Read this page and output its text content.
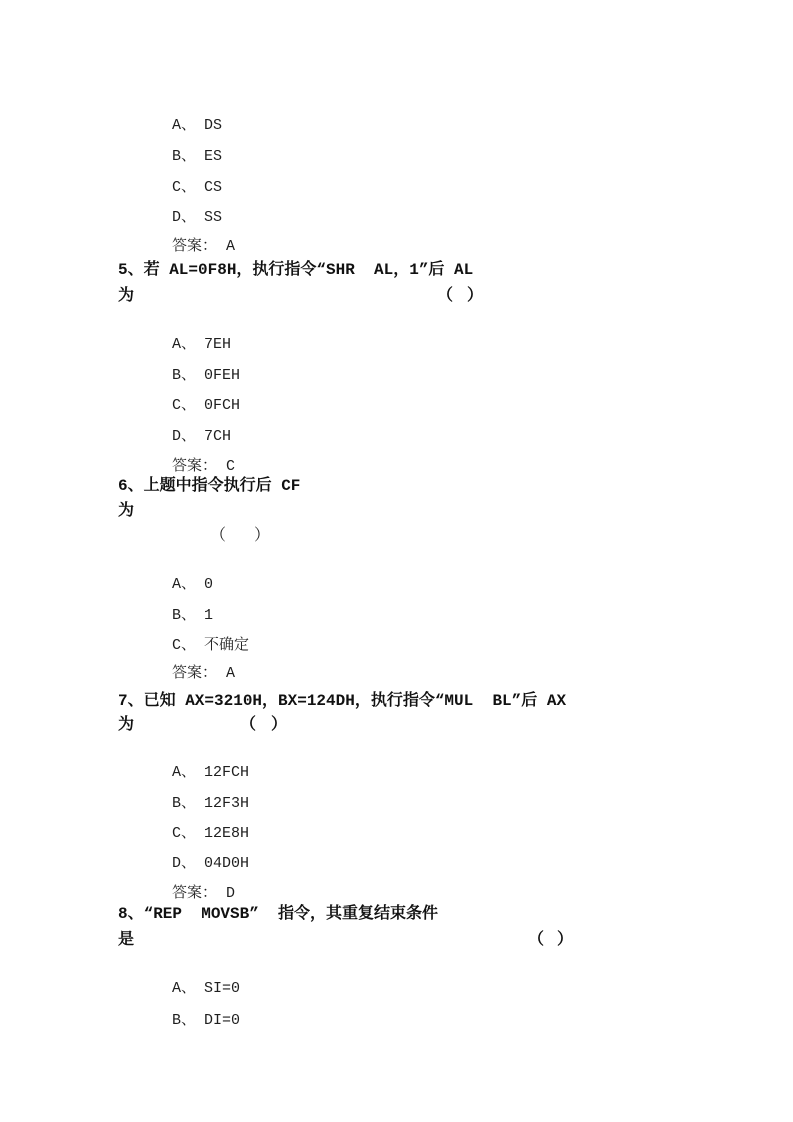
A、 DS

B、 ES

C、 CS

D、 SS

答案： A

5、若 AL=0F8H，执行指令“SHR  AL，1”后 AL
为	（ ）

A、 7EH

B、 0FEH

C、 0FCH

D、 7CH

答案： C

6、上题中指令执行后 CF
为
（ ）

A、 0

B、 1

C、 不确定

答案： A

7、已知 AX=3210H，BX=124DH，执行指令“MUL  BL”后 AX
为	（ ）

A、 12FCH

B、 12F3H

C、 12E8H

D、 04D0H

答案： D

8、“REP  MOVSB”  指令，其重复结束条件
是	（ ）

A、 SI=0

B、 DI=0
